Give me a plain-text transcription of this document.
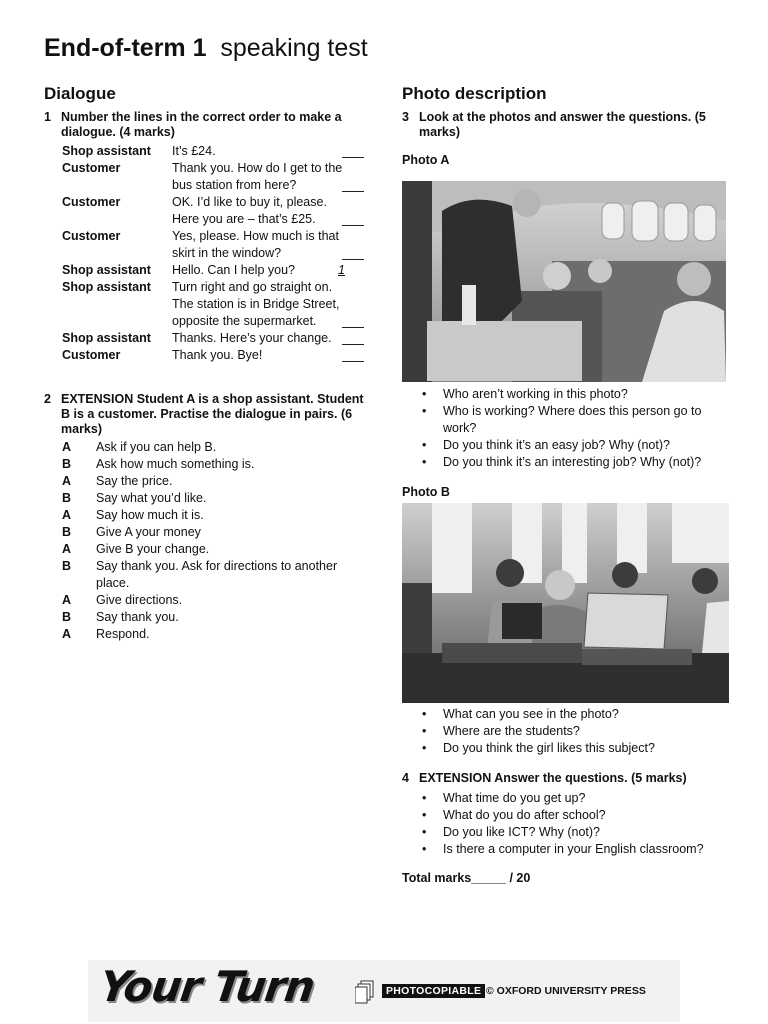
End-of-term 1 speaking test
Dialogue
1 Number the lines in the correct order to make a dialogue. (4 marks)
Shop assistant It’s £24.
Customer	Thank you. How do I get to the bus station from here?
Customer	OK. I’d like to buy it, please. Here you are – that’s £25.
Customer	Yes, please. How much is that skirt in the window?
Shop assistant Hello. Can I help you?	1
Shop assistant Turn right and go straight on. The station is in Bridge Street, opposite the supermarket.
Shop assistant Thanks. Here’s your change.
Customer	Thank you. Bye!
2 EXTENSION Student A is a shop assistant. Student B is a customer. Practise the dialogue in pairs. (6 marks)
A Ask if you can help B.
B Ask how much something is.
A Say the price.
B Say what you’d like.
A Say how much it is.
B Give A your money
A Give B your change.
B Say thank you. Ask for directions to another place.
A Give directions.
B Say thank you.
A Respond.
Photo description
3 Look at the photos and answer the questions. (5 marks)
Photo A
• Who aren’t working in this photo?
• Who is working? Where does this person go to work?
• Do you think it’s an easy job? Why (not)?
• Do you think it’s an interesting job? Why (not)?
Photo B
• What can you see in the photo?
• Where are the students?
• Do you think the girl likes this subject?
4 EXTENSION Answer the questions. (5 marks)
• What time do you get up?
• What do you do after school?
• Do you like ICT? Why (not)?
• Is there a computer in your English classroom?
Total marks_____ / 20
Your Turn	PHOTOCOPIABLE © OXFORD UNIVERSITY PRESS
